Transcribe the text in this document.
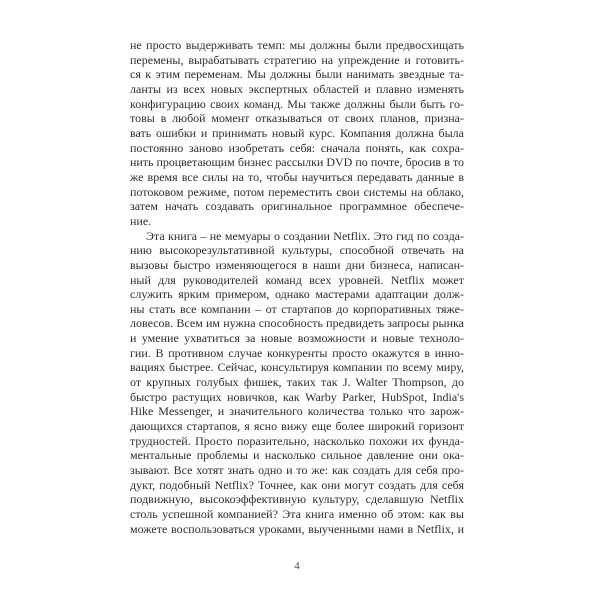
не просто выдерживать темп: мы должны были предвосхищать
перемены, вырабатывать стратегию на упреждение и готовить-
ся к этим переменам. Мы должны были нанимать звездные та-
ланты из всех новых экспертных областей и плавно изменять
конфигурацию своих команд. Мы также должны были быть го-
товы в любой момент отказываться от своих планов, призна-
вать ошибки и принимать новый курс. Компания должна была
постоянно заново изобретать себя: сначала понять, как сохра-
нить процветающим бизнес рассылки DVD по почте, бросив в то
же время все силы на то, чтобы научиться передавать данные в
потоковом режиме, потом переместить свои системы на облако,
затем начать создавать оригинальное программное обеспече-
ние.
Эта книга – не мемуары о создании Netflix. Это гид по созда-
нию высокорезультативной культуры, способной отвечать на
вызовы быстро изменяющегося в наши дни бизнеса, написан-
ный для руководителей команд всех уровней. Netflix может
служить ярким примером, однако мастерами адаптации долж-
ны стать все компании – от стартапов до корпоративных тяже-
ловесов. Всем им нужна способность предвидеть запросы рынка
и умение ухватиться за новые возможности и новые техноло-
гии. В противном случае конкуренты просто окажутся в инно-
вациях быстрее. Сейчас, консультируя компании по всему миру,
от крупных голубых фишек, таких так J. Walter Thompson, до
быстро растущих новичков, как Warby Parker, HubSpot, India's
Hike Messenger, и значительного количества только что зарож-
дающихся стартапов, я ясно вижу еще более широкий горизонт
трудностей. Просто поразительно, насколько похожи их фунда-
ментальные проблемы и насколько сильное давление они ока-
зывают. Все хотят знать одно и то же: как создать для себя про-
дукт, подобный Netflix? Точнее, как они могут создать для себя
подвижную, высокоэффективную культуру, сделавшую Netflix
столь успешной компанией? Эта книга именно об этом: как вы
можете воспользоваться уроками, выученными нами в Netflix, и
4
